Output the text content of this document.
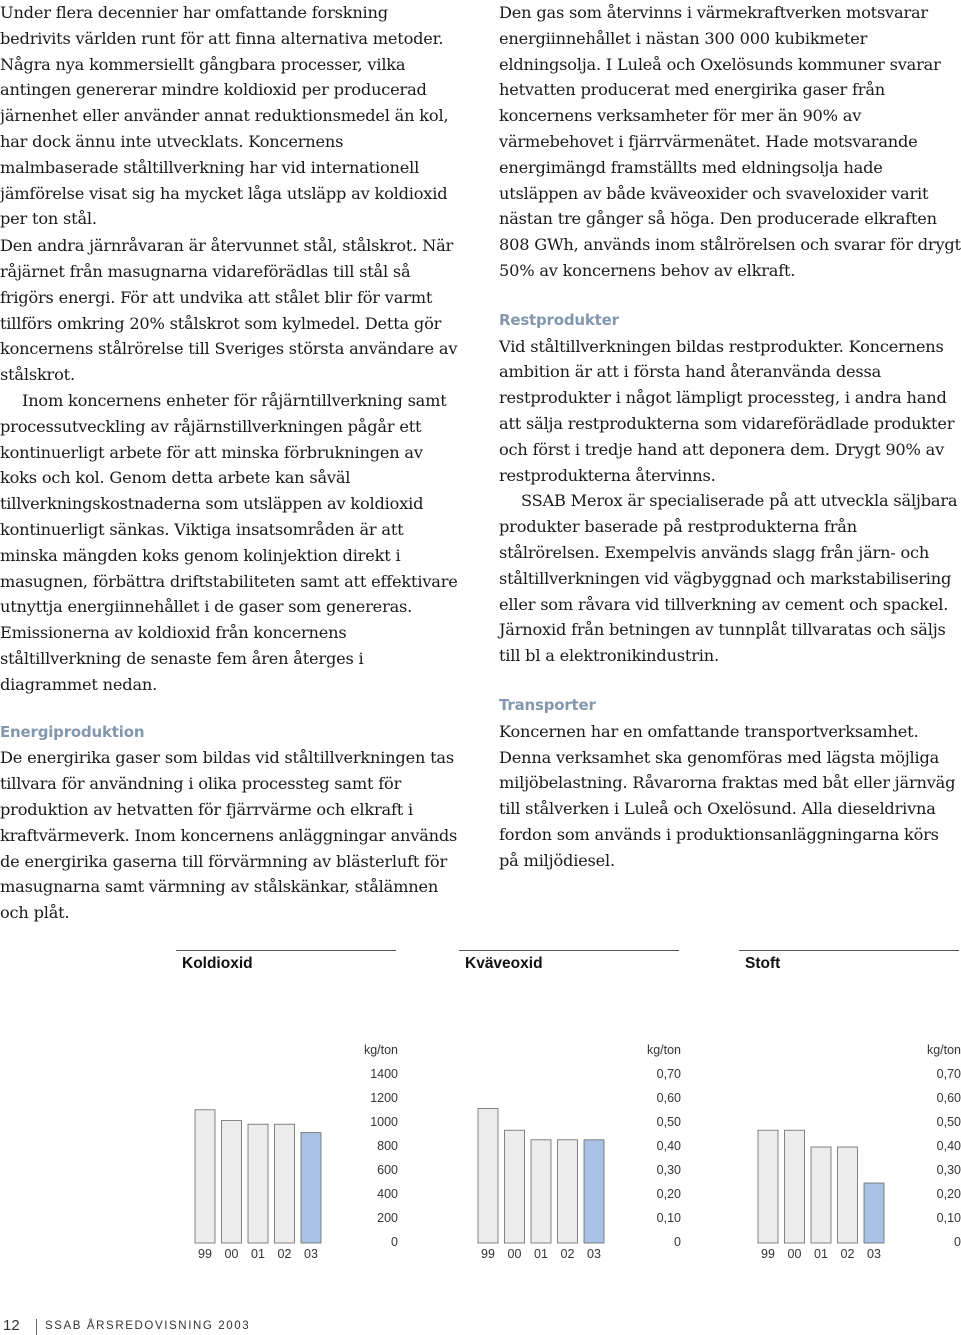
Under flera decennier har omfattande forskning bedrivits världen runt för att finna alternativa metoder. Några nya kommersiellt gångbara processer, vilka antingen genererar mindre koldioxid per producerad järnenhet eller använder annat reduktionsmedel än kol, har dock ännu inte utvecklats. Koncernens malmbaserade ståltillverkning har vid internationell jämförelse visat sig ha mycket låga utsläpp av koldioxid per ton stål.

Den andra järnråvaran är återvunnet stål, stålskrot. När råjärnet från masugnarna vidareförädlas till stål så frigörs energi. För att undvika att stålet blir för varmt tillförs omkring 20% stålskrot som kylmedel. Detta gör koncernens stålrörelse till Sveriges största användare av stålskrot.

Inom koncernens enheter för råjärntillverkning samt processutveckling av råjärnstillverkningen pågår ett kontinuerligt arbete för att minska förbrukningen av koks och kol. Genom detta arbete kan såväl tillverkningskostnaderna som utsläppen av koldioxid kontinuerligt sänkas. Viktiga insatsområden är att minska mängden koks genom kolinjektion direkt i masugnen, förbättra driftstabiliteten samt att effektivare utnyttja energiinnehållet i de gaser som genereras. Emissionerna av koldioxid från koncernens ståltillverkning de senaste fem åren återges i diagrammet nedan.

Energiproduktion

De energirika gaser som bildas vid ståltillverkningen tas tillvara för användning i olika processteg samt för produktion av hetvatten för fjärrvärme och elkraft i kraftvärmeverk. Inom koncernens anläggningar används de energirika gaserna till förvärmning av blästerluft för masugnarna samt värmning av stålskänkar, stålämnen och plåt.

Den gas som återvinns i värmekraftverken motsvarar energiinnehållet i nästan 300 000 kubikmeter eldningsolja. I Luleå och Oxelösunds kommuner svarar hetvatten producerat med energirika gaser från koncernens verksamheter för mer än 90% av värmebehovet i fjärrvärmenätet. Hade motsvarande energimängd framställts med eldningsolja hade utsläppen av både kväveoxider och svaveloxider varit nästan tre gånger så höga. Den producerade elkraften 808 GWh, används inom stålrörelsen och svarar för drygt 50% av koncernens behov av elkraft.

Restprodukter

Vid ståltillverkningen bildas restprodukter. Koncernens ambition är att i första hand återanvända dessa restprodukter i något lämpligt processteg, i andra hand att sälja restprodukterna som vidareförädlade produkter och först i tredje hand att deponera dem. Drygt 90% av restprodukterna återvinns.

SSAB Merox är specialiserade på att utveckla säljbara produkter baserade på restprodukterna från stålrörelsen. Exempelvis används slagg från järn- och ståltillverkningen vid vägbyggnad och markstabilisering eller som råvara vid tillverkning av cement och spackel. Järnoxid från betningen av tunnplåt tillvaratas och säljs till bl a elektronikindustrin.

Transporter

Koncernen har en omfattande transportverksamhet. Denna verksamhet ska genomföras med lägsta möjliga miljöbelastning. Råvarorna fraktas med båt eller järnväg till stålverken i Luleå och Oxelösund. Alla dieseldrivna fordon som används i produktionsanläggningarna körs på miljödiesel.

Koldioxid
kg/ton
1400
1200
1000
800
600
400
200
0
99 00 01 02 03
Kväveoxid
kg/ton
0,70
0,60
0,50
0,40
0,30
0,20
0,10
0
99 00 01 02 03
Stoft
kg/ton
0,70
0,60
0,50
0,40
0,30
0,20
0,10
0
99 00 01 02 03
12 SSAB ÅRSREDOVISNING 2003
